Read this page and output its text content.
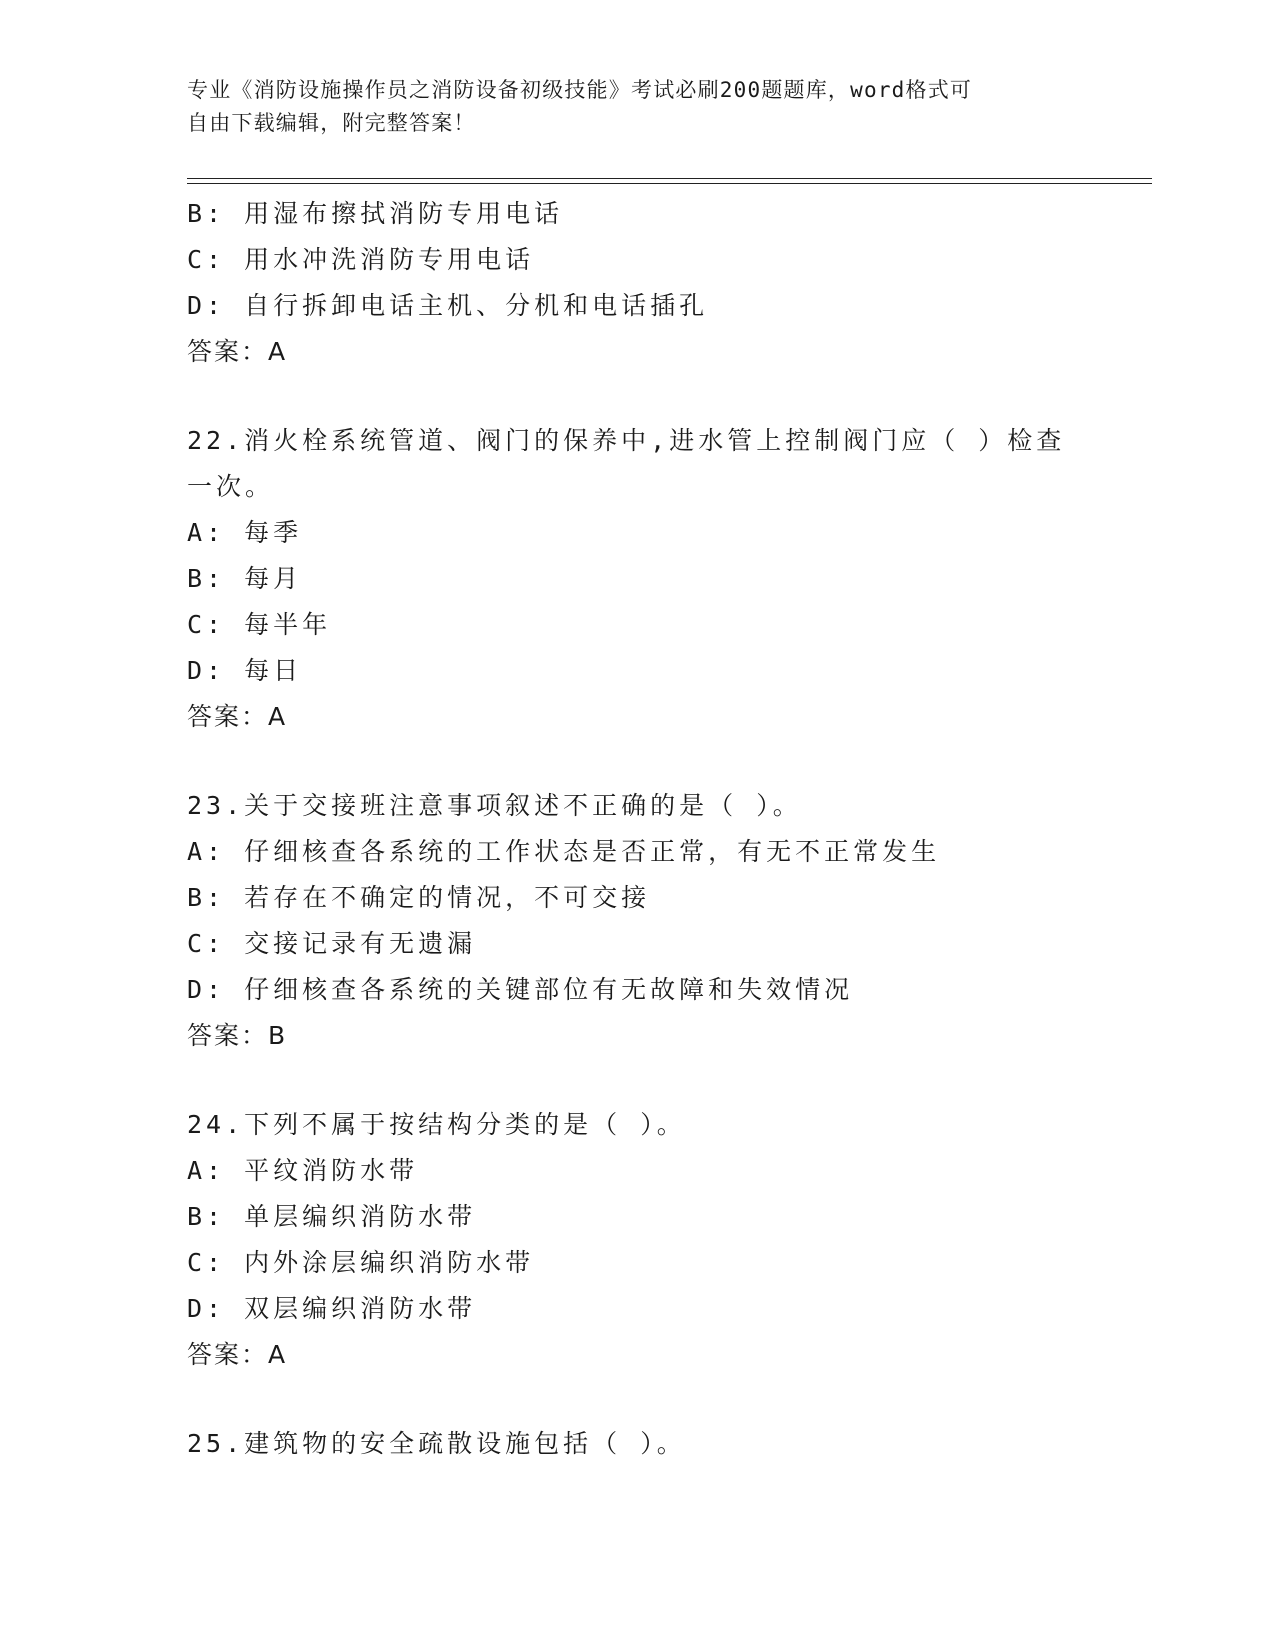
专业《消防设施操作员之消防设备初级技能》考试必刷200题题库，word格式可
自由下载编辑，附完整答案！
B: 用湿布擦拭消防专用电话
C: 用水冲洗消防专用电话
D: 自行拆卸电话主机、分机和电话插孔
答案：A
22.消火栓系统管道、阀门的保养中,进水管上控制阀门应（ ）检查
一次。
A: 每季
B: 每月
C: 每半年
D: 每日
答案：A
23.关于交接班注意事项叙述不正确的是（ ）。
A: 仔细核查各系统的工作状态是否正常，有无不正常发生
B: 若存在不确定的情况，不可交接
C: 交接记录有无遗漏
D: 仔细核查各系统的关键部位有无故障和失效情况
答案：B
24.下列不属于按结构分类的是（ ）。
A: 平纹消防水带
B: 单层编织消防水带
C: 内外涂层编织消防水带
D: 双层编织消防水带
答案：A
25.建筑物的安全疏散设施包括（ ）。
